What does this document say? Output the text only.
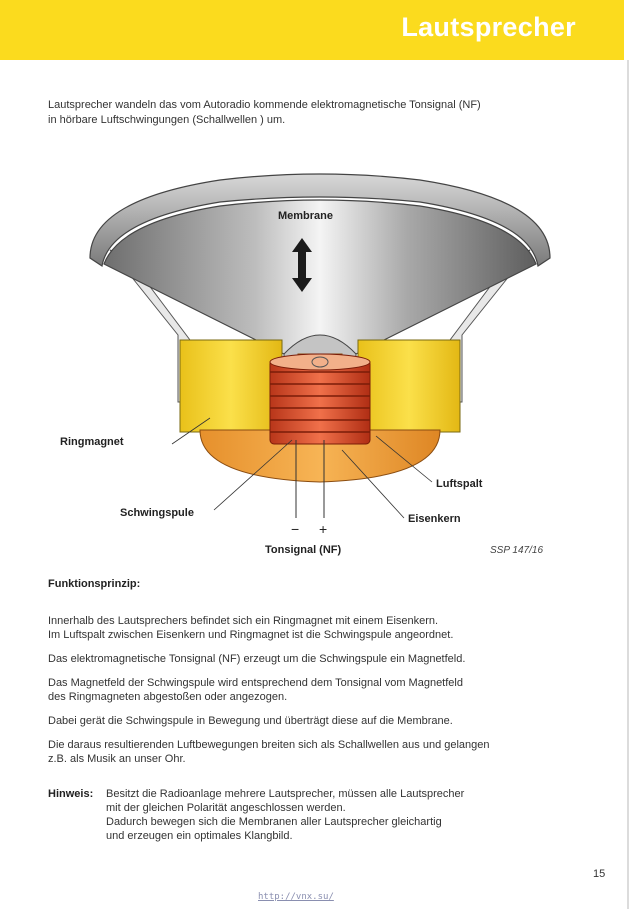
Lautsprecher
Lautsprecher wandeln das vom Autoradio kommende elektromagnetische Tonsignal (NF)
in hörbare Luftschwingungen (Schallwellen ) um.
Membrane
Ringmagnet
Luftspalt
Schwingspule	Eisenkern
− +
Tonsignal (NF)	SSP 147/16
Funktionsprinzip:
Innerhalb des Lautsprechers befindet sich ein Ringmagnet mit einem Eisenkern.
Im Luftspalt zwischen Eisenkern und Ringmagnet ist die Schwingspule angeordnet.
Das elektromagnetische Tonsignal (NF) erzeugt um die Schwingspule ein Magnetfeld.
Das Magnetfeld der Schwingspule wird entsprechend dem Tonsignal vom Magnetfeld
des Ringmagneten abgestoßen oder angezogen.
Dabei gerät die Schwingspule in Bewegung und überträgt diese auf die Membrane.
Die daraus resultierenden Luftbewegungen breiten sich als Schallwellen aus und gelangen
z.B. als Musik an unser Ohr.
Hinweis: Besitzt die Radioanlage mehrere Lautsprecher, müssen alle Lautsprecher
mit der gleichen Polarität angeschlossen werden.
Dadurch bewegen sich die Membranen aller Lautsprecher gleichartig
und erzeugen ein optimales Klangbild.
15
http://vnx.su/
